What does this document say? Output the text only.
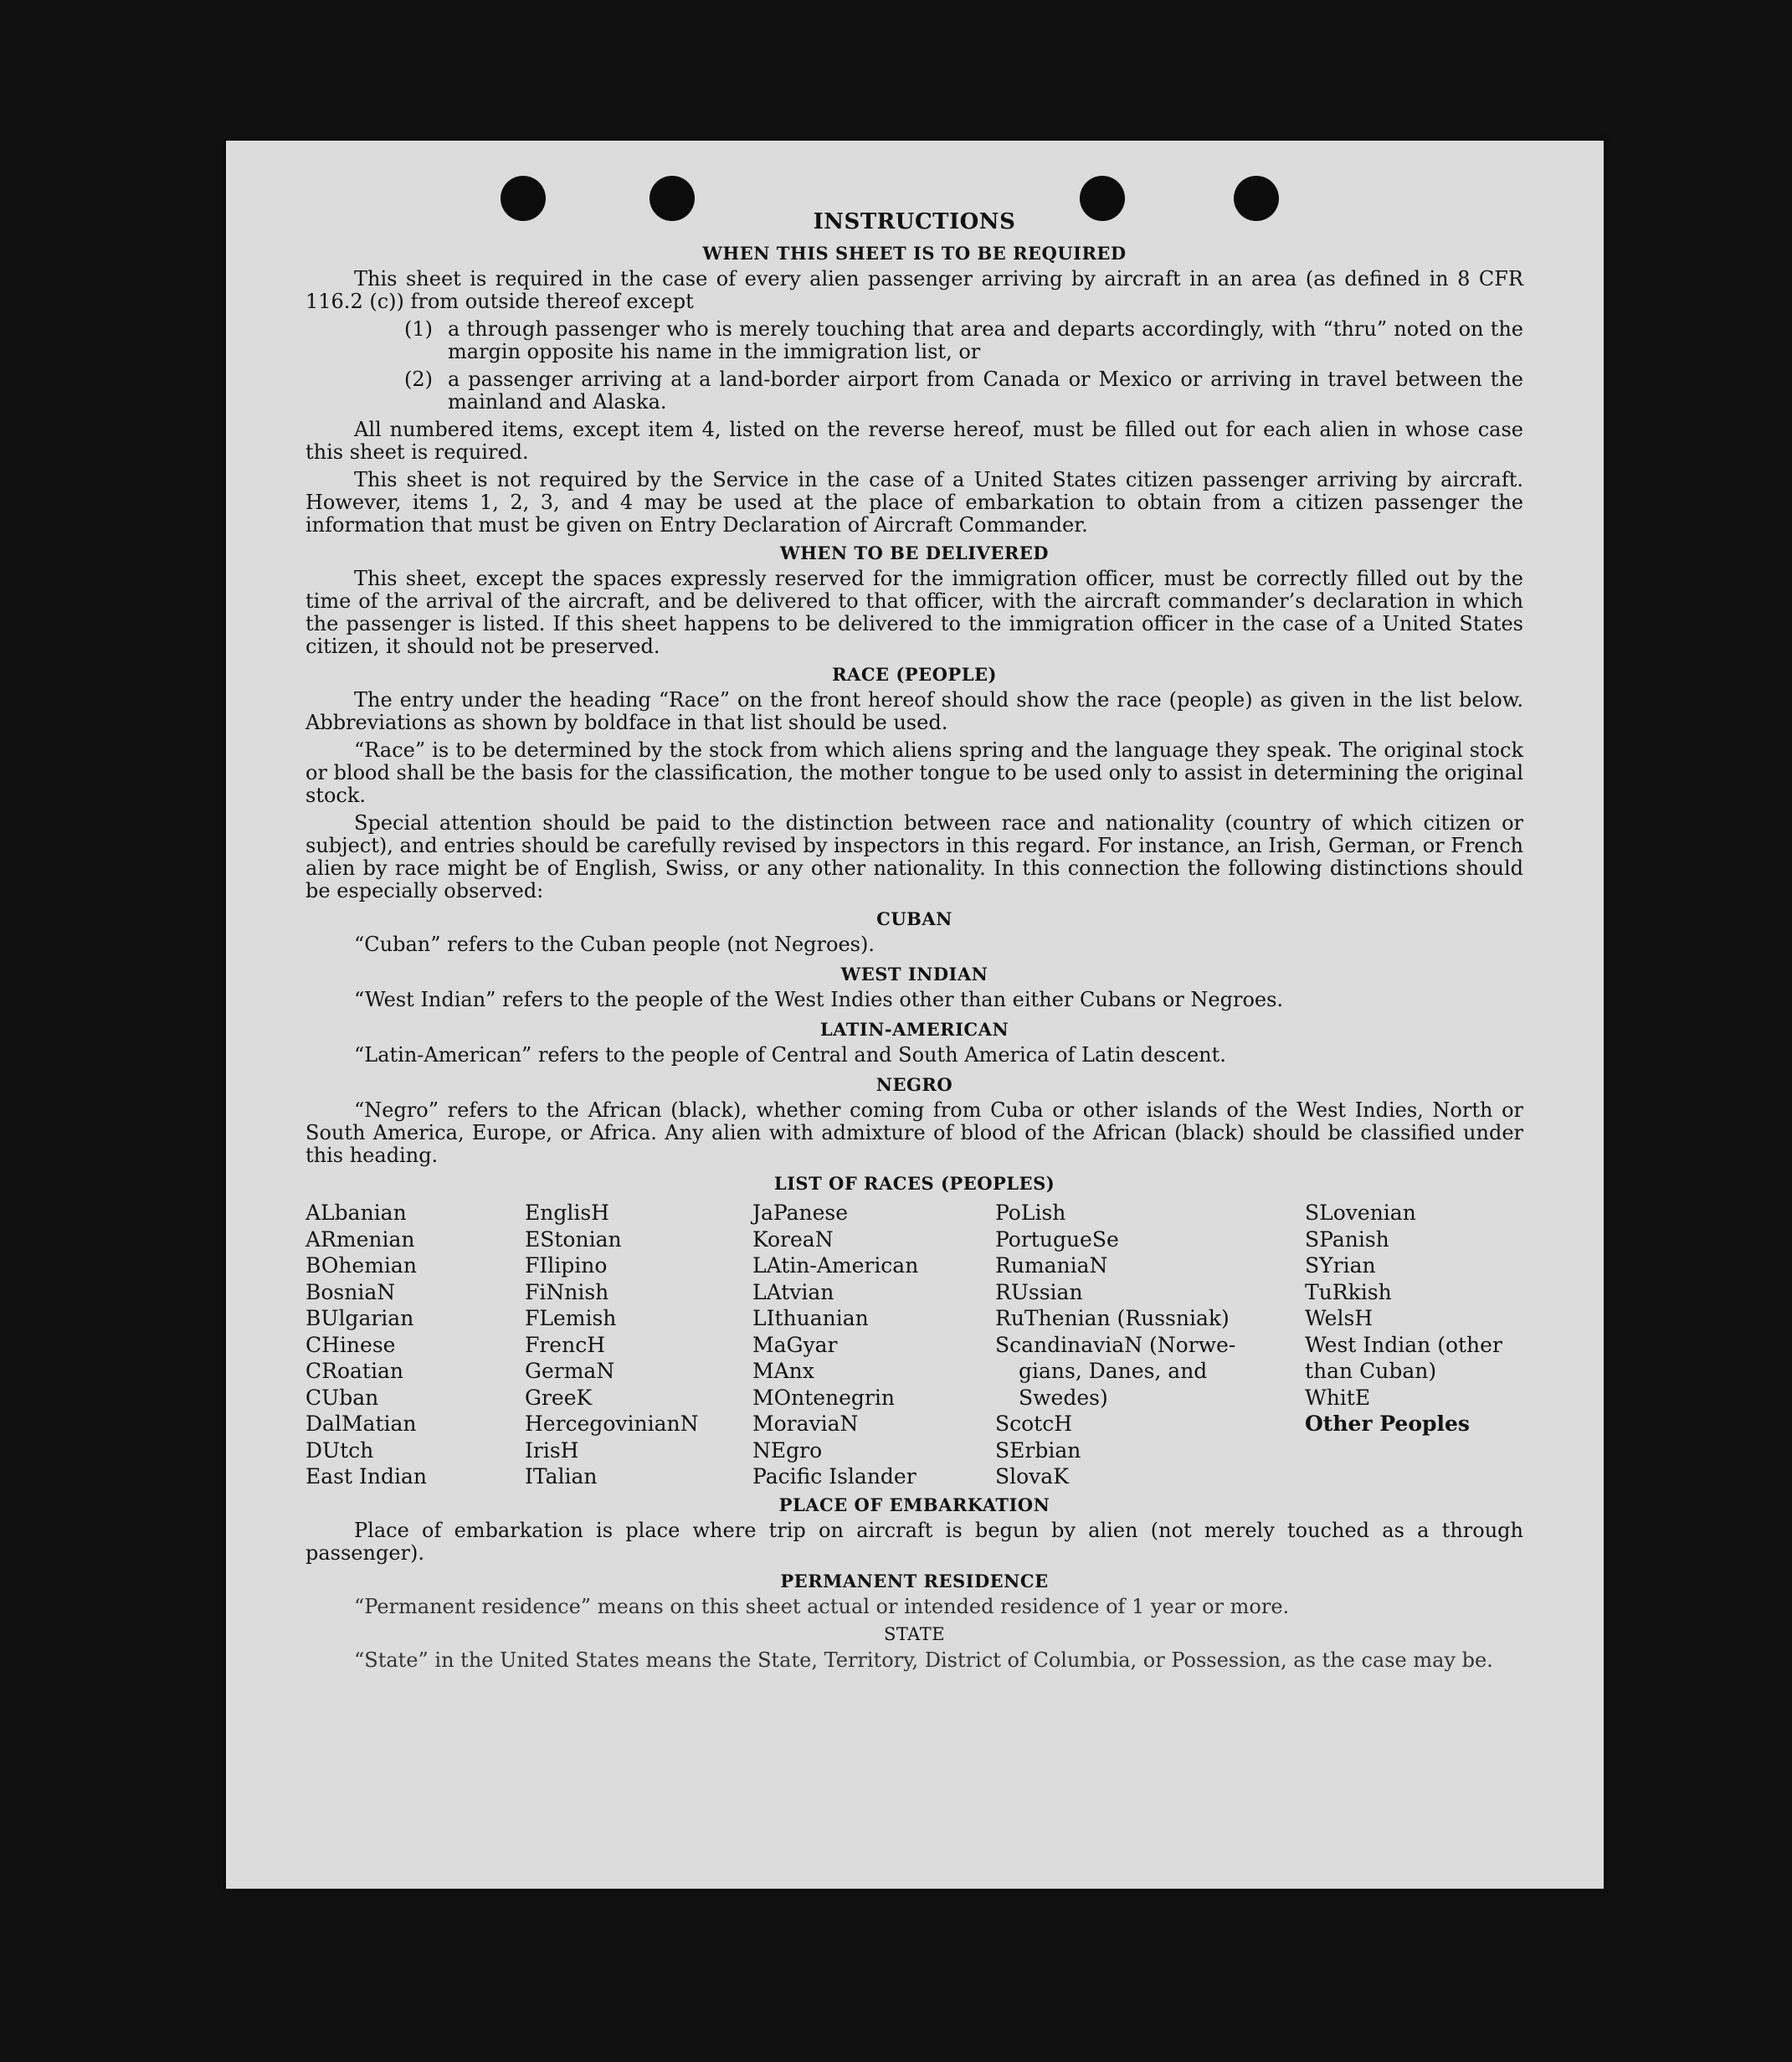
INSTRUCTIONS
WHEN THIS SHEET IS TO BE REQUIRED

This sheet is required in the case of every alien passenger arriving by aircraft in an area (as defined in 8 CFR 116.2 (c)) from outside thereof except

(1) a through passenger who is merely touching that area and departs accordingly, with “thru” noted on the margin opposite his name in the immigration list, or
(2) a passenger arriving at a land-border airport from Canada or Mexico or arriving in travel between the mainland and Alaska.

All numbered items, except item 4, listed on the reverse hereof, must be filled out for each alien in whose case this sheet is required.

This sheet is not required by the Service in the case of a United States citizen passenger arriving by aircraft. However, items 1, 2, 3, and 4 may be used at the place of embarkation to obtain from a citizen passenger the information that must be given on Entry Declaration of Aircraft Commander.

WHEN TO BE DELIVERED

This sheet, except the spaces expressly reserved for the immigration officer, must be correctly filled out by the time of the arrival of the aircraft, and be delivered to that officer, with the aircraft commander’s declaration in which the passenger is listed. If this sheet happens to be delivered to the immigration officer in the case of a United States citizen, it should not be preserved.

RACE (PEOPLE)

The entry under the heading “Race” on the front hereof should show the race (people) as given in the list below. Abbreviations as shown by boldface in that list should be used.

“Race” is to be determined by the stock from which aliens spring and the language they speak. The original stock or blood shall be the basis for the classification, the mother tongue to be used only to assist in determining the original stock.

Special attention should be paid to the distinction between race and nationality (country of which citizen or subject), and entries should be carefully revised by inspectors in this regard. For instance, an Irish, German, or French alien by race might be of English, Swiss, or any other nationality. In this connection the following distinctions should be especially observed:

CUBAN

“Cuban” refers to the Cuban people (not Negroes).

WEST INDIAN

“West Indian” refers to the people of the West Indies other than either Cubans or Negroes.

LATIN-AMERICAN

“Latin-American” refers to the people of Central and South America of Latin descent.

NEGRO

“Negro” refers to the African (black), whether coming from Cuba or other islands of the West Indies, North or South America, Europe, or Africa. Any alien with admixture of blood of the African (black) should be classified under this heading.

LIST OF RACES (PEOPLES)
ALbanian
ARmenian
BOhemian
BosniaN
BUlgarian
CHinese
CRoatian
CUban
DalMatian
DUtch
East Indian
EnglisH
EStonian
FIlipino
FiNnish
FLemish
FrencH
GermaN
GreeK
HercegovinianN
IrisH
ITalian
JaPanese
KoreaN
LAtin-American
LAtvian
LIthuanian
MaGyar
MAnx
MOntenegrin
MoraviaN
NEgro
Pacific Islander
PoLish
PortugueSe
RumaniaN
RUssian
RuThenian (Russniak)
ScandinaviaN (Norwe-
gians, Danes, and
Swedes)
ScotcH
SErbian
SlovaK
SLovenian
SPanish
SYrian
TuRkish
WelsH
West Indian (other
than Cuban)
WhitE
Other Peoples
PLACE OF EMBARKATION

Place of embarkation is place where trip on aircraft is begun by alien (not merely touched as a through passenger).

PERMANENT RESIDENCE

“Permanent residence” means on this sheet actual or intended residence of 1 year or more.

STATE

“State” in the United States means the State, Territory, District of Columbia, or Possession, as the case may be.
